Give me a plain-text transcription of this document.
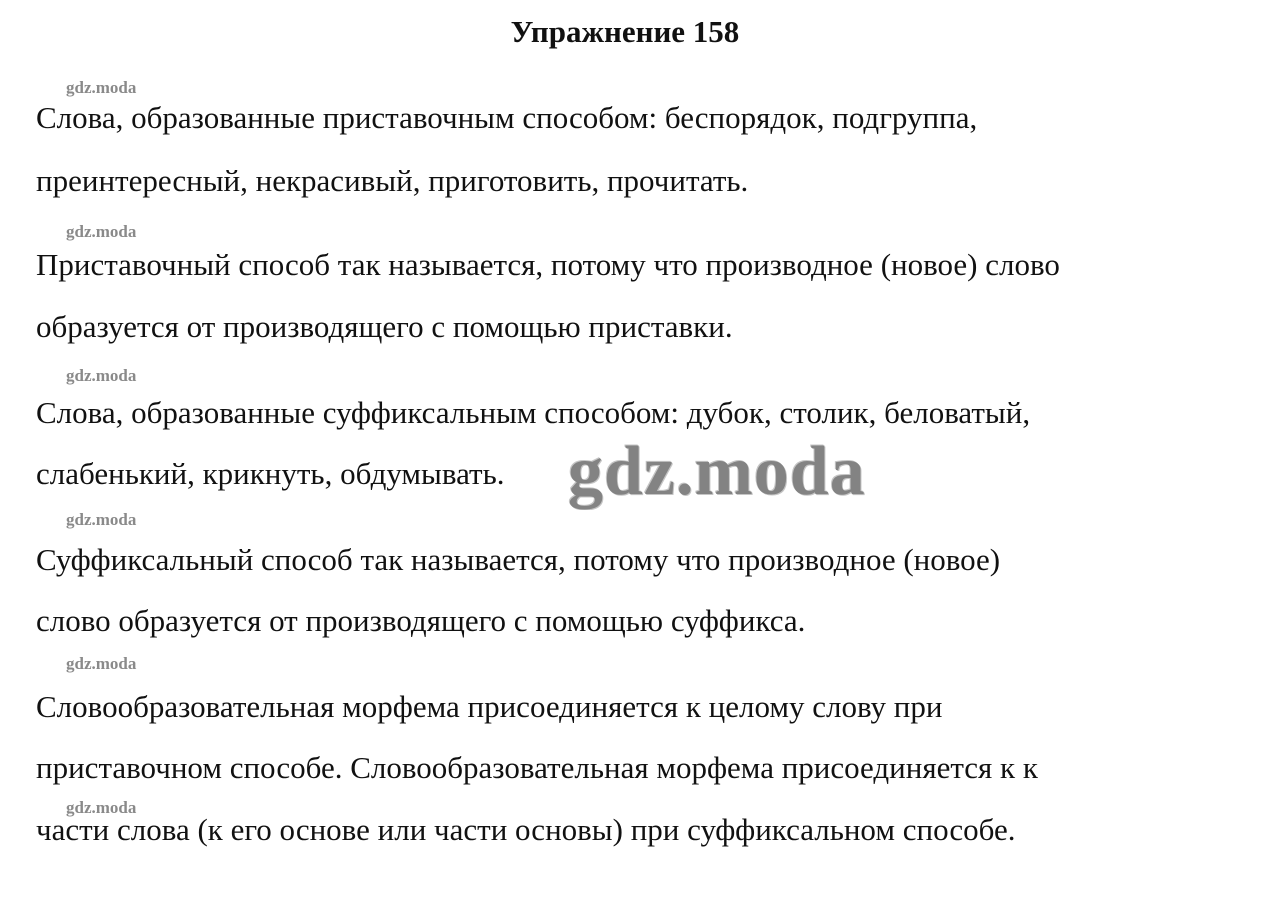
Упражнение 158
gdz.moda
Слова, образованные приставочным способом: беспорядок, подгруппа,
преинтересный, некрасивый, приготовить, прочитать.
gdz.moda
Приставочный способ так называется, потому что производное (новое) слово
образуется от производящего с помощью приставки.
gdz.moda
Слова, образованные суффиксальным способом: дубок, столик, беловатый,
слабенький, крикнуть, обдумывать.
gdz.moda
Суффиксальный способ так называется, потому что производное (новое)
слово образуется от производящего с помощью суффикса.
gdz.moda
Словообразовательная морфема присоединяется к целому слову при
приставочном способе. Словообразовательная морфема присоединяется к к
gdz.moda
части слова (к его основе или части основы) при суффиксальном способе.
gdz.moda
